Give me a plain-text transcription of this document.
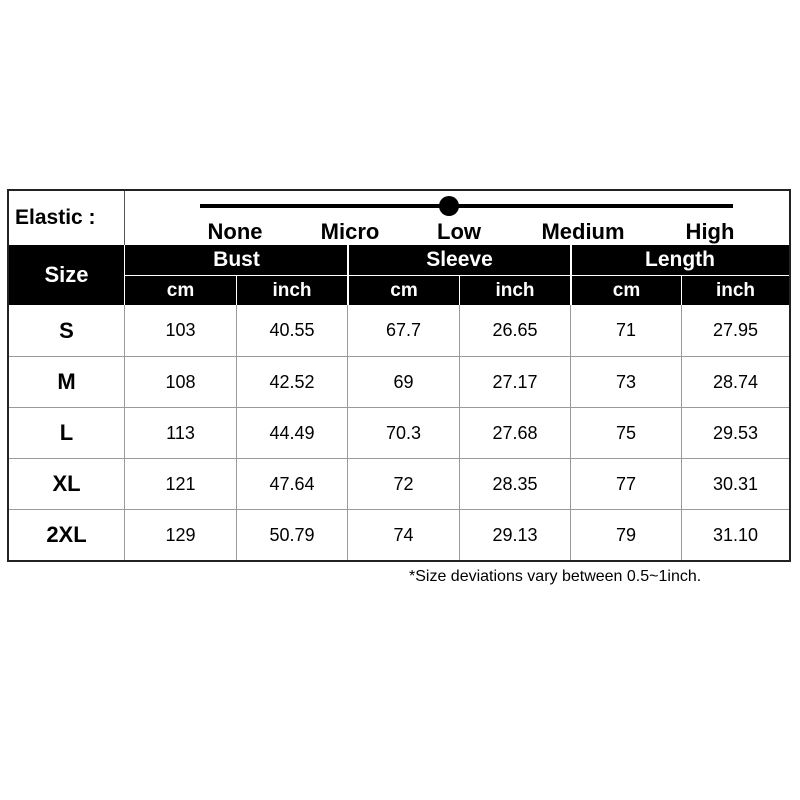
Elastic :
None	Micro	Low	Medium	High
Size
Bust	Sleeve	Length
cm	inch	cm	inch	cm	inch
S	103	40.55	67.7	26.65	71	27.95
M	108	42.52	69	27.17	73	28.74
L	113	44.49	70.3	27.68	75	29.53
XL	121	47.64	72	28.35	77	30.31
2XL	129	50.79	74	29.13	79	31.10
*Size deviations vary between 0.5~1inch.
